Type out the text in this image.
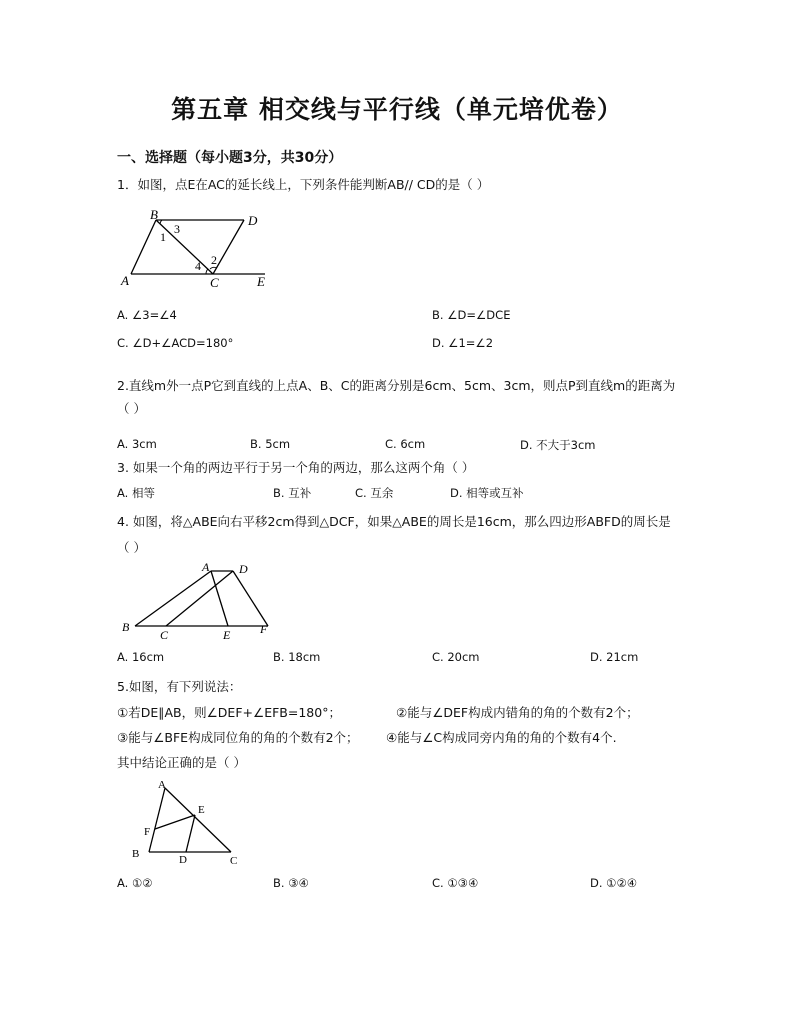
第五章 相交线与平行线（单元培优卷）
一、选择题（每小题3分，共30分）
1．如图，点E在AC的延长线上，下列条件能判断AB// CD的是（ ）
B	D
A	C	E
1
2
3
4
A. ∠3=∠4	B. ∠D=∠DCE
C. ∠D+∠ACD=180°	D. ∠1=∠2
2.直线m外一点P它到直线的上点A、B、C的距离分别是6cm、5cm、3cm，则点P到直线m的距离为
（ ）
A. 3cm	B. 5cm	C. 6cm	D. 不大于3cm
3. 如果一个角的两边平行于另一个角的两边，那么这两个角（ ）
A. 相等	B. 互补	C. 互余	D. 相等或互补
4. 如图，将△ABE向右平移2cm得到△DCF，如果△ABE的周长是16cm，那么四边形ABFD的周长是
（ ）
A D
B
C	E F
A. 16cm	B. 18cm	C. 20cm	D. 21cm
5.如图，有下列说法：
①若DE∥AB，则∠DEF+∠EFB=180°；	②能与∠DEF构成内错角的角的个数有2个；
③能与∠BFE构成同位角的角的个数有2个； ④能与∠C构成同旁内角的角的个数有4个.
其中结论正确的是（ ）
A
E
F
B	D	C
A. ①②	B. ③④	C. ①③④	D. ①②④
